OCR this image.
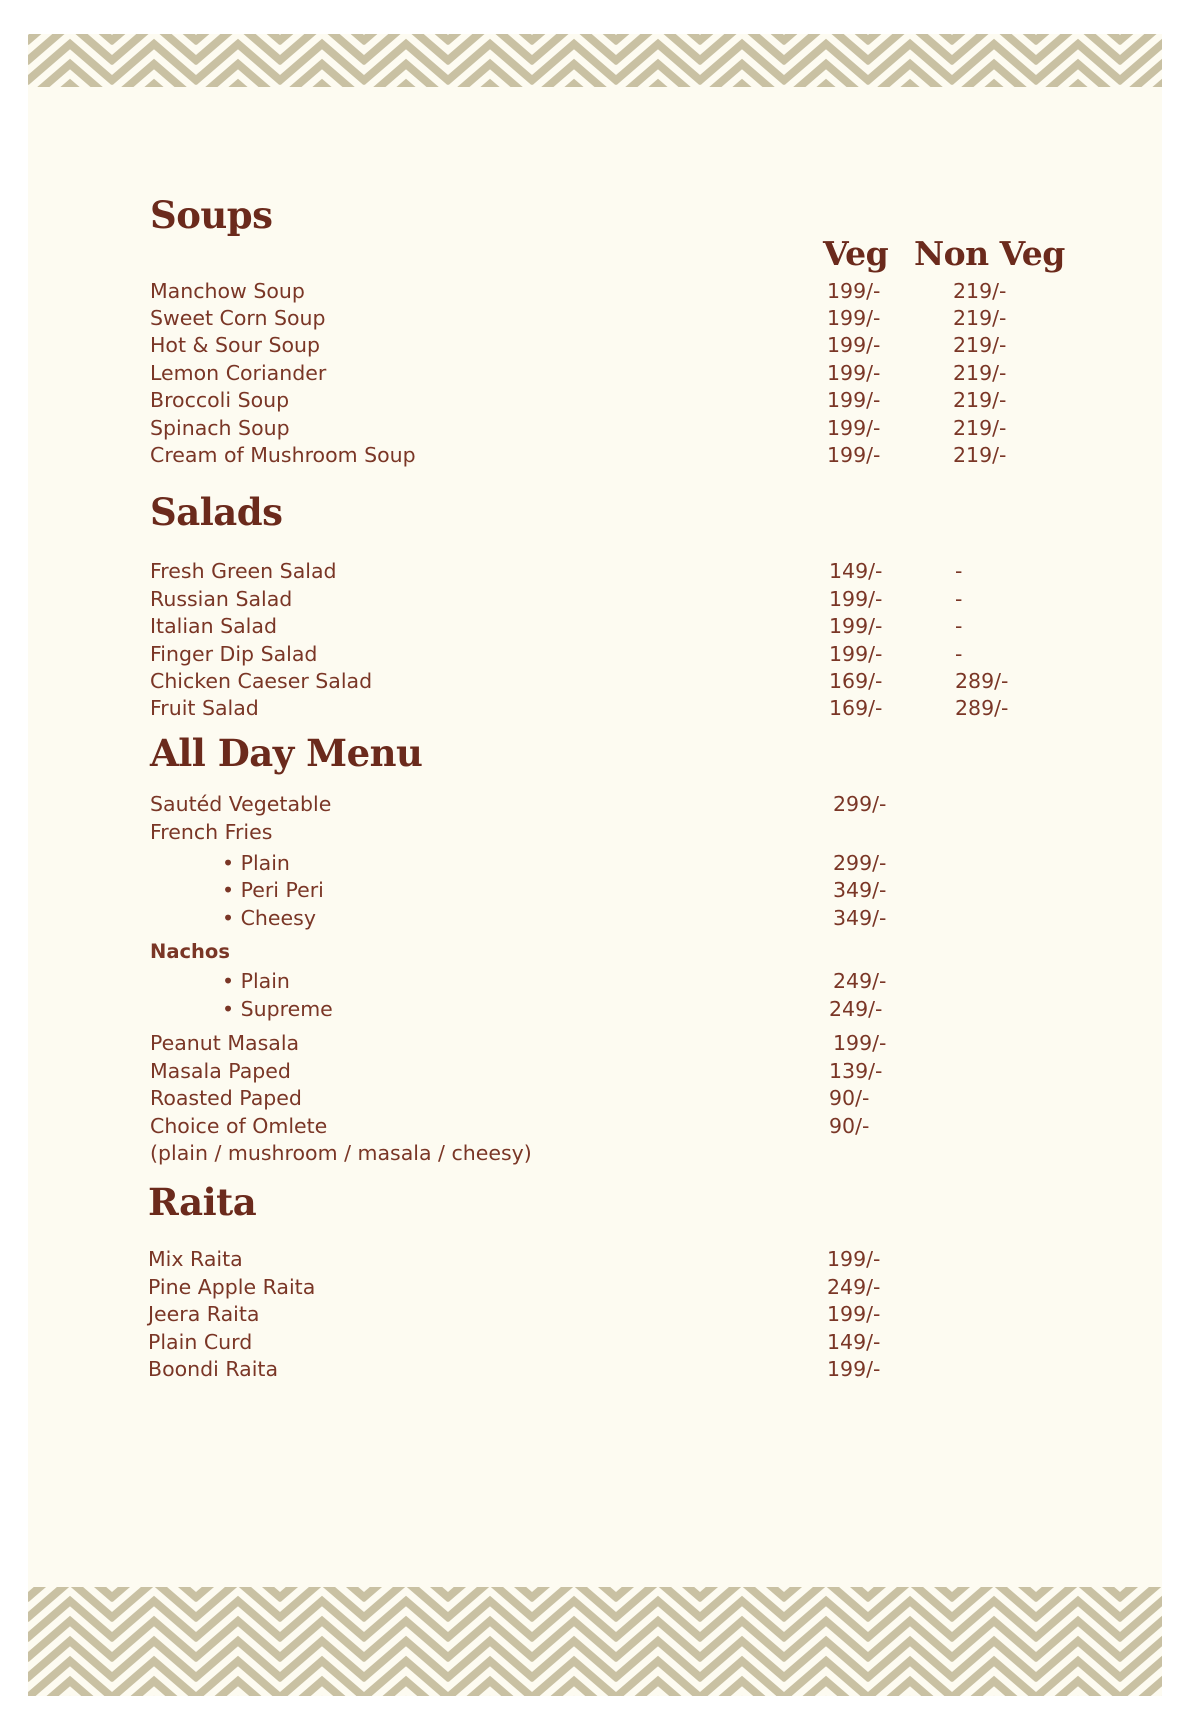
Soups
Veg Non Veg
Manchow Soup	199/-	219/-
Sweet Corn Soup	199/-	219/-
Hot & Sour Soup	199/-	219/-
Lemon Coriander	199/-	219/-
Broccoli Soup	199/-	219/-
Spinach Soup	199/-	219/-
Cream of Mushroom Soup	199/-	219/-
Salads
Fresh Green Salad	149/-	-
Russian Salad	199/-	-
Italian Salad	199/-	-
Finger Dip Salad	199/-	-
Chicken Caeser Salad	169/-	289/-
Fruit Salad	169/-	289/-
All Day Menu
Sautéd Vegetable	299/-
French Fries
• Plain	299/-
• Peri Peri	349/-
• Cheesy	349/-
Nachos
• Plain	249/-
• Supreme	249/-
Peanut Masala	199/-
Masala Paped	139/-
Roasted Paped	90/-
Choice of Omlete	90/-
(plain / mushroom / masala / cheesy)
Raita
Mix Raita	199/-
Pine Apple Raita	249/-
Jeera Raita	199/-
Plain Curd	149/-
Boondi Raita	199/-
